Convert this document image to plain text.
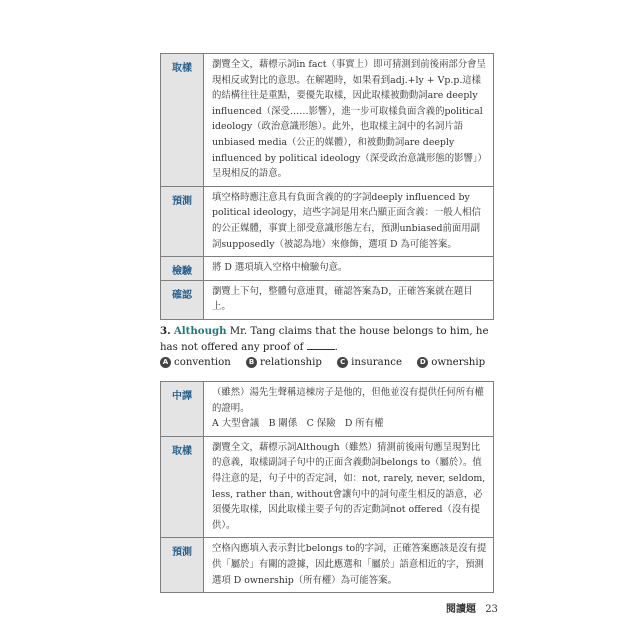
取樣	瀏覽全文，藉標示詞in fact（事實上）即可猜測到前後兩部分會呈現相反或對比的意思。在解題時，如果看到adj.+ly + Vp.p.這樣的結構往往是重點，要優先取樣，因此取樣被動動詞are deeply influenced（深受……影響），進一步可取樣負面含義的political ideology（政治意識形態）。此外，也取樣主詞中的名詞片語unbiased media（公正的媒體），和被動動詞are deeply influenced by political ideology（深受政治意識形態的影響」）呈現相反的語意。

預測	填空格時應注意具有負面含義的的字詞deeply influenced by political ideology，這些字詞是用來凸顯正面含義：一般人相信的公正媒體，事實上卻受意識形態左右，預測unbiased前面用副詞supposedly（被認為地）來修飾，選項 D 為可能答案。

檢驗	將 D 選項填入空格中檢驗句意。

確認	瀏覽上下句，整體句意連貫，確認答案為D，正確答案就在題目上。
3. Although Mr. Tang claims that the house belongs to him, he has not offered any proof of	.
A convention	B relationship	C insurance	D ownership
中譯	（雖然）湯先生聲稱這棟房子是他的，但他並沒有提供任何所有權的證明。
A 大型會議　B 關係　C 保險　D 所有權

取樣	瀏覽全文，藉標示詞Although（雖然）猜測前後兩句應呈現對比的意義，取樣副詞子句中的正面含義動詞belongs to（屬於）。值得注意的是，句子中的否定詞，如：not, rarely, never, seldom, less, rather than, without會讓句中的詞句產生相反的語意，必須優先取樣，因此取樣主要子句的否定動詞not offered（沒有提供）。

預測	空格內應填入表示對比belongs to的字詞，正確答案應該是沒有提供「屬於」有關的證據，因此應選和「屬於」語意相近的字，預測選項 D ownership（所有權）為可能答案。
閱讀題 23
